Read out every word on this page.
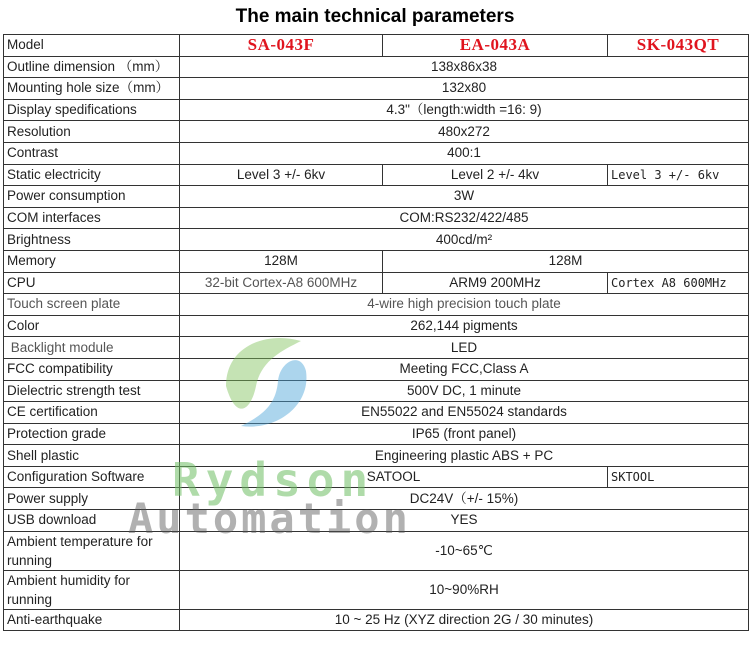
The main technical parameters
Model	SA-043F	EA-043A	SK-043QT
Outline dimension （mm）	138x86x38		
Mounting hole size（mm）	132x80		
Display spedifications	4.3"（length:width =16: 9)		
Resolution	480x272		
Contrast	400:1		
Static electricity	Level 3 +/- 6kv	Level 2 +/- 4kv	Level 3 +/- 6kv
Power consumption	3W		
COM interfaces	COM:RS232/422/485		
Brightness	400cd/m²		
Memory	128M	128M	
CPU	32-bit Cortex-A8 600MHz	ARM9 200MHz	Cortex A8 600MHz
Touch screen plate	4-wire high precision touch plate		
Color	262,144 pigments		
Backlight module	LED		
FCC compatibility	Meeting FCC,Class A		
Dielectric strength test	500V DC, 1 minute		
CE certification	EN55022 and EN55024 standards		
Protection grade	IP65 (front panel)		
Shell plastic	Engineering plastic ABS + PC		
Configuration Software	SATOOL		SKTOOL
Power supply	DC24V（+/- 15%)		
USB download	YES		
Ambient temperature for running	-10~65℃		
Ambient humidity for running	10~90%RH		
Anti-earthquake	10 ~ 25 Hz (XYZ direction 2G / 30 minutes)		
Rydson
Automation
